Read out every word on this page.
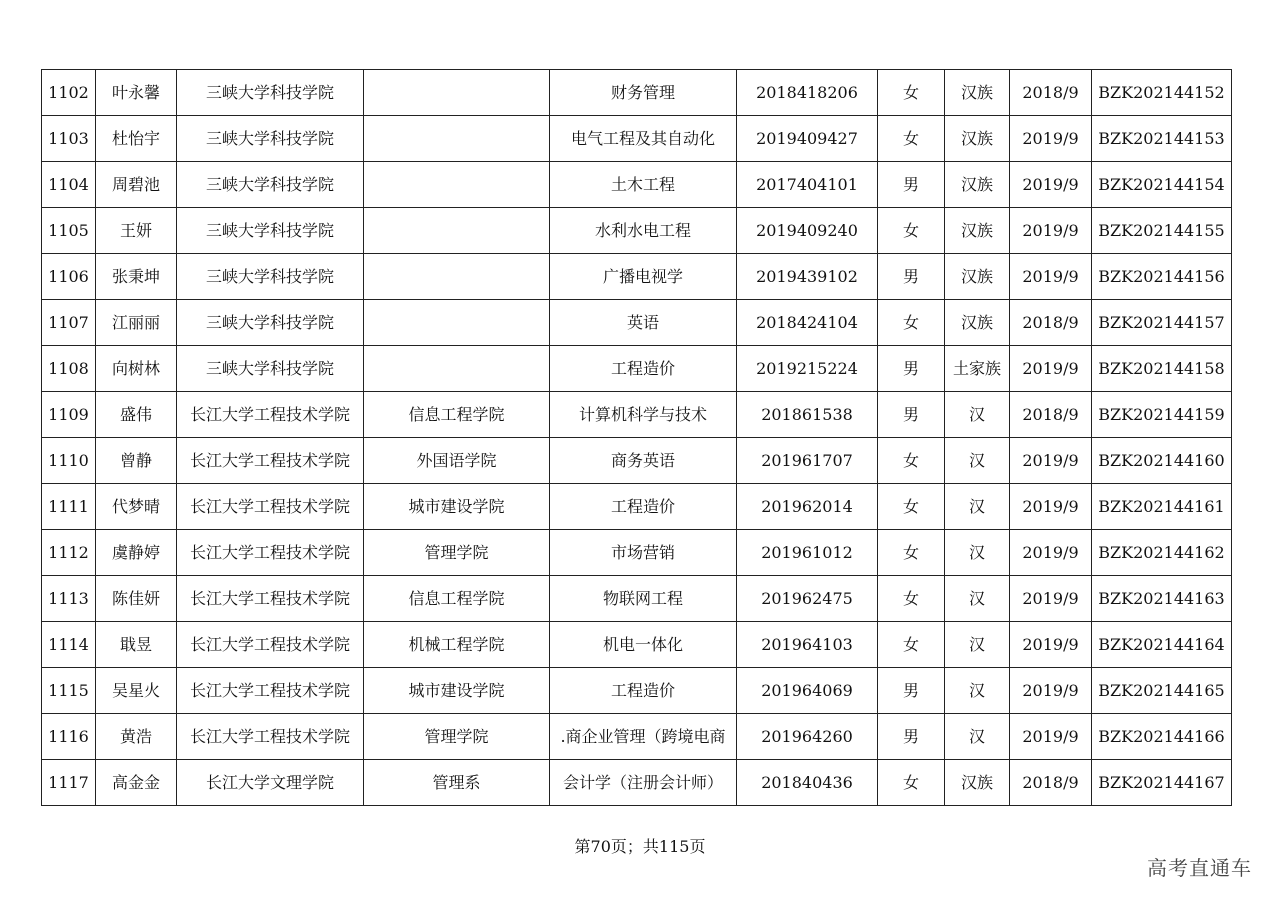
1102	叶永馨	三峡大学科技学院		财务管理	2018418206	女	汉族	2018/9	BZK202144152
1103	杜怡宇	三峡大学科技学院		电气工程及其自动化	2019409427	女	汉族	2019/9	BZK202144153
1104	周碧池	三峡大学科技学院		土木工程	2017404101	男	汉族	2019/9	BZK202144154
1105	王妍	三峡大学科技学院		水利水电工程	2019409240	女	汉族	2019/9	BZK202144155
1106	张秉坤	三峡大学科技学院		广播电视学	2019439102	男	汉族	2019/9	BZK202144156
1107	江丽丽	三峡大学科技学院		英语	2018424104	女	汉族	2018/9	BZK202144157
1108	向树林	三峡大学科技学院		工程造价	2019215224	男	土家族	2019/9	BZK202144158
1109	盛伟	长江大学工程技术学院	信息工程学院	计算机科学与技术	201861538	男	汉	2018/9	BZK202144159
1110	曾静	长江大学工程技术学院	外国语学院	商务英语	201961707	女	汉	2019/9	BZK202144160
1111	代梦晴	长江大学工程技术学院	城市建设学院	工程造价	201962014	女	汉	2019/9	BZK202144161
1112	虞静婷	长江大学工程技术学院	管理学院	市场营销	201961012	女	汉	2019/9	BZK202144162
1113	陈佳妍	长江大学工程技术学院	信息工程学院	物联网工程	201962475	女	汉	2019/9	BZK202144163
1114	戢昱	长江大学工程技术学院	机械工程学院	机电一体化	201964103	女	汉	2019/9	BZK202144164
1115	吴星火	长江大学工程技术学院	城市建设学院	工程造价	201964069	男	汉	2019/9	BZK202144165
1116	黄浩	长江大学工程技术学院	管理学院	.商企业管理（跨境电商	201964260	男	汉	2019/9	BZK202144166
1117	高金金	长江大学文理学院	管理系	会计学（注册会计师）	201840436	女	汉族	2018/9	BZK202144167
第70页；共115页
高考直通车
